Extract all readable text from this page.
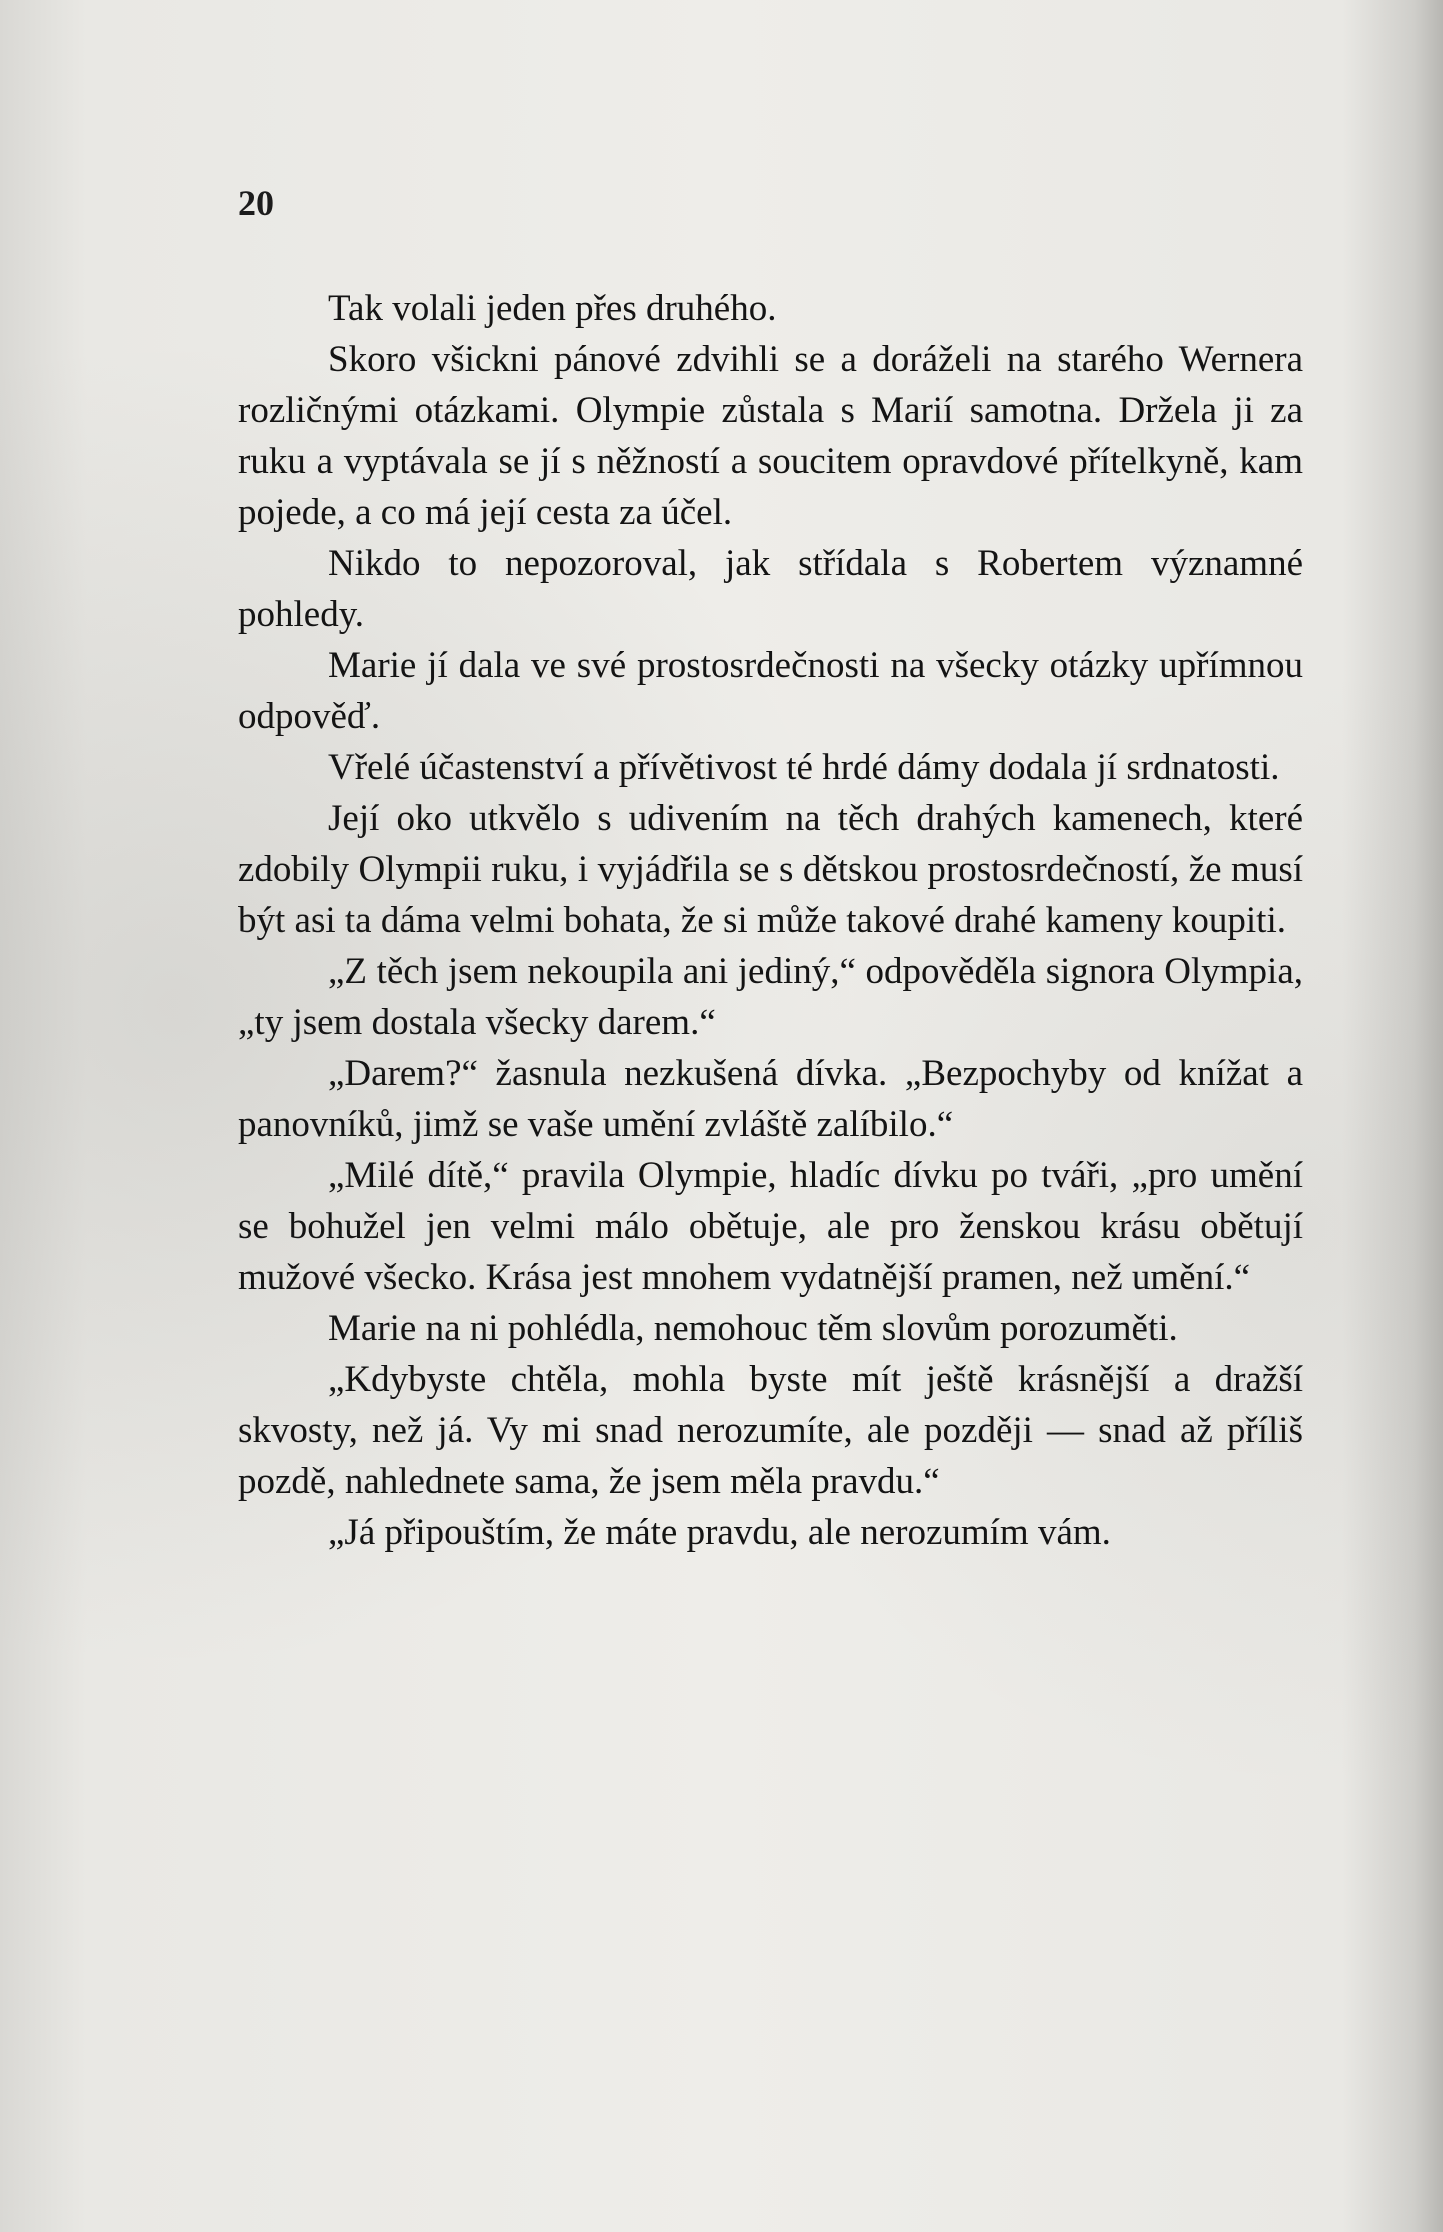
20

Tak volali jeden přes druhého.

Skoro všickni pánové zdvihli se a doráželi na starého Wernera rozličnými otázkami. Olympie zůstala s Marií samotna. Držela ji za ruku a vyptávala se jí s něžností a soucitem opravdové přítelkyně, kam pojede, a co má její cesta za účel.

Nikdo to nepozoroval, jak střídala s Robertem významné pohledy.

Marie jí dala ve své prostosrdečnosti na všecky otázky upřímnou odpověď.

Vřelé účastenství a přívětivost té hrdé dámy dodala jí srdnatosti.

Její oko utkvělo s udivením na těch drahých kamenech, které zdobily Olympii ruku, i vyjádřila se s dětskou prostosrdečností, že musí být asi ta dáma velmi bohata, že si může takové drahé kameny koupiti.

„Z těch jsem nekoupila ani jediný,“ odpověděla signora Olympia, „ty jsem dostala všecky darem.“

„Darem?“ žasnula nezkušená dívka. „Bezpochyby od knížat a panovníků, jimž se vaše umění zvláště zalíbilo.“

„Milé dítě,“ pravila Olympie, hladíc dívku po tváři, „pro umění se bohužel jen velmi málo obětuje, ale pro ženskou krásu obětují mužové všecko. Krása jest mnohem vydatnější pramen, než umění.“

Marie na ni pohlédla, nemohouc těm slovům porozuměti.

„Kdybyste chtěla, mohla byste mít ještě krásnější a dražší skvosty, než já. Vy mi snad nerozumíte, ale později — snad až příliš pozdě, nahlednete sama, že jsem měla pravdu.“

„Já připouštím, že máte pravdu, ale nerozumím vám.
